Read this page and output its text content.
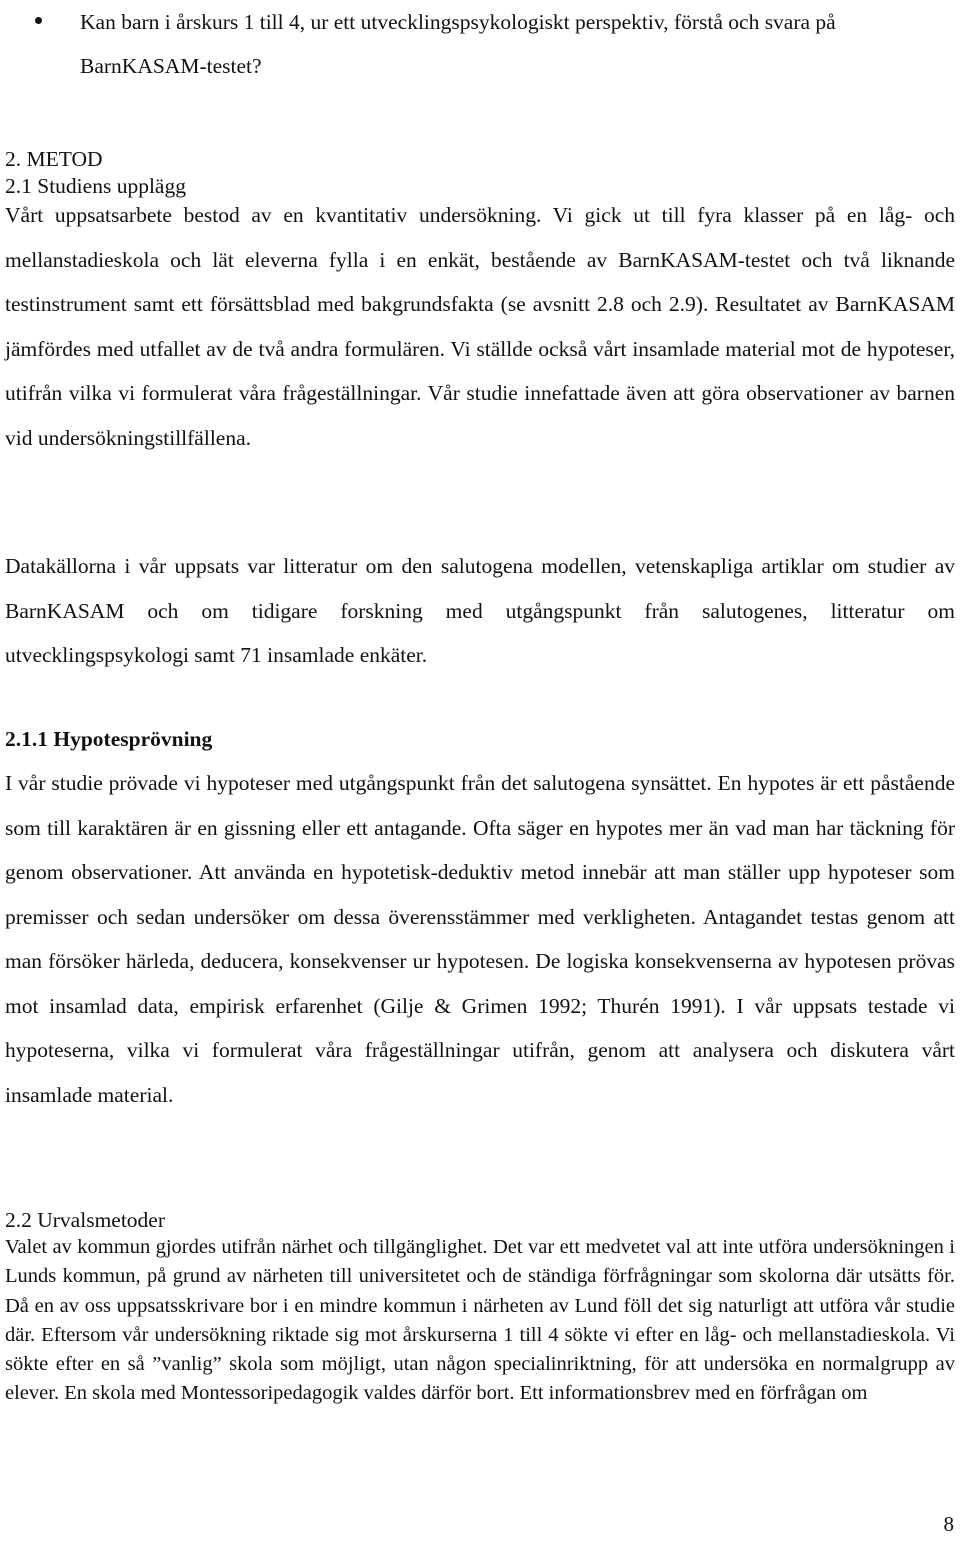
Kan barn i årskurs 1 till 4, ur ett utvecklingspsykologiskt perspektiv, förstå och svara på BarnKASAM-testet?
2. METOD
2.1 Studiens upplägg

Vårt uppsatsarbete bestod av en kvantitativ undersökning. Vi gick ut till fyra klasser på en låg- och mellanstadieskola och lät eleverna fylla i en enkät, bestående av BarnKASAM-testet och två liknande testinstrument samt ett försättsblad med bakgrundsfakta (se avsnitt 2.8 och 2.9). Resultatet av BarnKASAM jämfördes med utfallet av de två andra formulären. Vi ställde också vårt insamlade material mot de hypoteser, utifrån vilka vi formulerat våra frågeställningar. Vår studie innefattade även att göra observationer av barnen vid undersökningstillfällena.

Datakällorna i vår uppsats var litteratur om den salutogena modellen, vetenskapliga artiklar om studier av BarnKASAM och om tidigare forskning med utgångspunkt från salutogenes, litteratur om utvecklingspsykologi samt 71 insamlade enkäter.

2.1.1 Hypotesprövning

I vår studie prövade vi hypoteser med utgångspunkt från det salutogena synsättet. En hypotes är ett påstående som till karaktären är en gissning eller ett antagande. Ofta säger en hypotes mer än vad man har täckning för genom observationer. Att använda en hypotetisk-deduktiv metod innebär att man ställer upp hypoteser som premisser och sedan undersöker om dessa överensstämmer med verkligheten. Antagandet testas genom att man försöker härleda, deducera, konsekvenser ur hypotesen. De logiska konsekvenserna av hypotesen prövas mot insamlad data, empirisk erfarenhet (Gilje & Grimen 1992; Thurén 1991). I vår uppsats testade vi hypoteserna, vilka vi formulerat våra frågeställningar utifrån, genom att analysera och diskutera vårt insamlade material.

2.2 Urvalsmetoder

Valet av kommun gjordes utifrån närhet och tillgänglighet. Det var ett medvetet val att inte utföra undersökningen i Lunds kommun, på grund av närheten till universitetet och de ständiga förfrågningar som skolorna där utsätts för. Då en av oss uppsatsskrivare bor i en mindre kommun i närheten av Lund föll det sig naturligt att utföra vår studie där. Eftersom vår undersökning riktade sig mot årskurserna 1 till 4 sökte vi efter en låg- och mellanstadieskola. Vi sökte efter en så ”vanlig” skola som möjligt, utan någon specialinriktning, för att undersöka en normalgrupp av elever. En skola med Montessoripedagogik valdes därför bort. Ett informationsbrev med en förfrågan om

8
